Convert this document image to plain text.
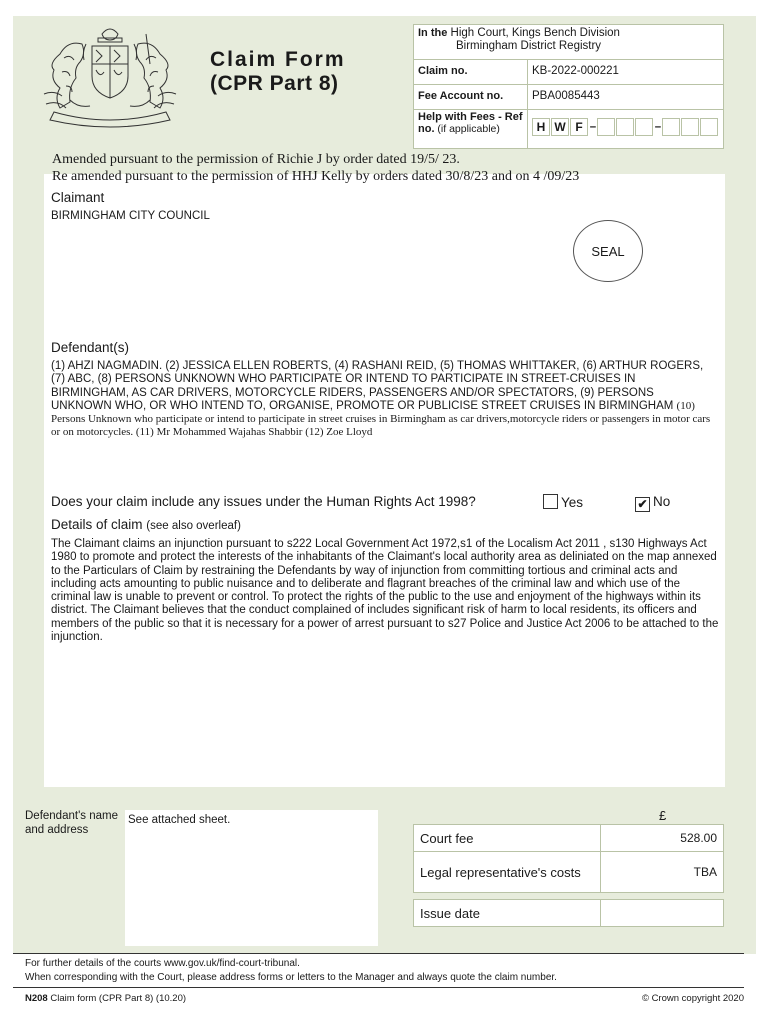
Claim Form
(CPR Part 8)
In the High Court, Kings Bench Division
Birmingham District Registry	
Claim no.	KB-2022-000221
Fee Account no.	PBA0085443
Help with Fees - Ref no. (if applicable)	H W F – –
Amended pursuant to the permission of Richie J by order dated 19/5/ 23.
Re amended pursuant to the permission of HHJ Kelly by orders dated 30/8/23 and on 4 /09/23
Claimant
BIRMINGHAM CITY COUNCIL
SEAL
Defendant(s)
(1) AHZI NAGMADIN. (2) JESSICA ELLEN ROBERTS, (4) RASHANI REID, (5) THOMAS WHITTAKER, (6) ARTHUR ROGERS, (7) ABC, (8) PERSONS UNKNOWN WHO PARTICIPATE OR INTEND TO PARTICIPATE IN STREET-CRUISES IN BIRMINGHAM, AS CAR DRIVERS, MOTORCYCLE RIDERS, PASSENGERS AND/OR SPECTATORS, (9) PERSONS UNKNOWN WHO, OR WHO INTEND TO, ORGANISE, PROMOTE OR PUBLICISE STREET CRUISES IN BIRMINGHAM (10) Persons Unknown who participate or intend to participate in street cruises in Birmingham as car drivers,motorcycle riders or passengers in motor cars or on motorcycles. (11) Mr Mohammed Wajahas Shabbir (12) Zoe Lloyd
Does your claim include any issues under the Human Rights Act 1998?	Yes	✔ No
Details of claim (see also overleaf)
The Claimant claims an injunction pursuant to s222 Local Government Act 1972,s1 of the Localism Act 2011 , s130 Highways Act 1980 to promote and protect the interests of the inhabitants of the Claimant's local authority area as deliniated on the map annexed to the Particulars of Claim by restraining the Defendants by way of injunction from committing tortious and criminal acts and including acts amounting to public nuisance and to deliberate and flagrant breaches of the criminal law and which use of the criminal law is unable to prevent or control. To protect the rights of the public to the use and enjoyment of the highways within its district. The Claimant believes that the conduct complained of includes significant risk of harm to local residents, its officers and members of the public so that it is necessary for a power of arrest pursuant to s27 Police and Justice Act 2006 to be attached to the injunction.
Defendant's name and address
See attached sheet.	£
Court fee	528.00
Legal representative's costs	TBA

Issue date	
For further details of the courts www.gov.uk/find-court-tribunal.
When corresponding with the Court, please address forms or letters to the Manager and always quote the claim number.
N208 Claim form (CPR Part 8) (10.20)	© Crown copyright 2020
